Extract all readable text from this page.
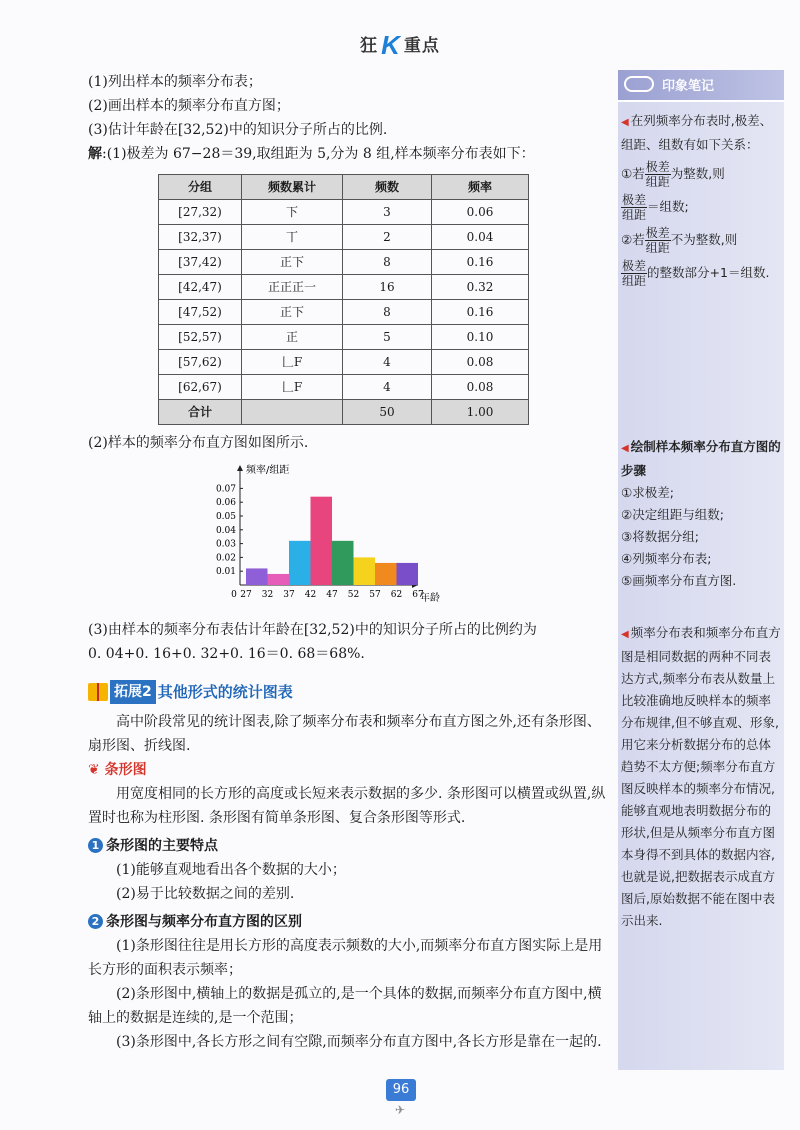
狂 K 重点

(1)列出样本的频率分布表；

(2)画出样本的频率分布直方图；

(3)估计年龄在[32,52)中的知识分子所占的比例.

解:(1)极差为 67−28＝39,取组距为 5,分为 8 组,样本频率分布表如下：

分组	频数累计	频数	频率
[27,32)	下	3	0.06
[32,37)	丅	2	0.04
[37,42)	正下	8	0.16
[42,47)	正正正一	16	0.32
[47,52)	正下	8	0.16
[52,57)	正	5	0.10
[57,62)	𠃊F	4	0.08
[62,67)	𠃊F	4	0.08
合计		50	1.00

(2)样本的频率分布直方图如图所示.

0.01
0.02
0.03
0.04
0.05
0.06
0.07
27 32 37 42 47 52 57 62 67
0	年龄
频率/组距

(3)由样本的频率分布表估计年龄在[32,52)中的知识分子所占的比例约为

0. 04+0. 16+0. 32+0. 16＝0. 68＝68%.

拓展2 其他形式的统计图表

高中阶段常见的统计图表,除了频率分布表和频率分布直方图之外,还有条形图、扇形图、折线图.

❦ 条形图

用宽度相同的长方形的高度或长短来表示数据的多少. 条形图可以横置或纵置,纵置时也称为柱形图. 条形图有简单条形图、复合条形图等形式.

1 条形图的主要特点

(1)能够直观地看出各个数据的大小；

(2)易于比较数据之间的差别.

2 条形图与频率分布直方图的区别

(1)条形图往往是用长方形的高度表示频数的大小,而频率分布直方图实际上是用长方形的面积表示频率；

(2)条形图中,横轴上的数据是孤立的,是一个具体的数据,而频率分布直方图中,横轴上的数据是连续的,是一个范围；

(3)条形图中,各长方形之间有空隙,而频率分布直方图中,各长方形是靠在一起的.

印象笔记

◀ 在列频率分布表时,极差、组距、组数有如下关系：

①若 $\frac{\text{极差}}{\text{组距}}$ 为整数,则

$\frac{\text{极差}}{\text{组距}}$ ＝组数;

②若 $\frac{\text{极差}}{\text{组距}}$ 不为整数,则

$\frac{\text{极差}}{\text{组距}}$ 的整数部分+1＝组数.

◀ 绘制样本频率分布直方图的步骤

①求极差;

②决定组距与组数;

③将数据分组;

④列频率分布表;

⑤画频率分布直方图.

◀ 频率分布表和频率分布直方图是相同数据的两种不同表达方式,频率分布表从数量上比较准确地反映样本的频率分布规律,但不够直观、形象,用它来分析数据分布的总体趋势不太方便;频率分布直方图反映样本的频率分布情况,能够直观地表明数据分布的形状,但是从频率分布直方图本身得不到具体的数据内容,也就是说,把数据表示成直方图后,原始数据不能在图中表示出来.

96
✈
